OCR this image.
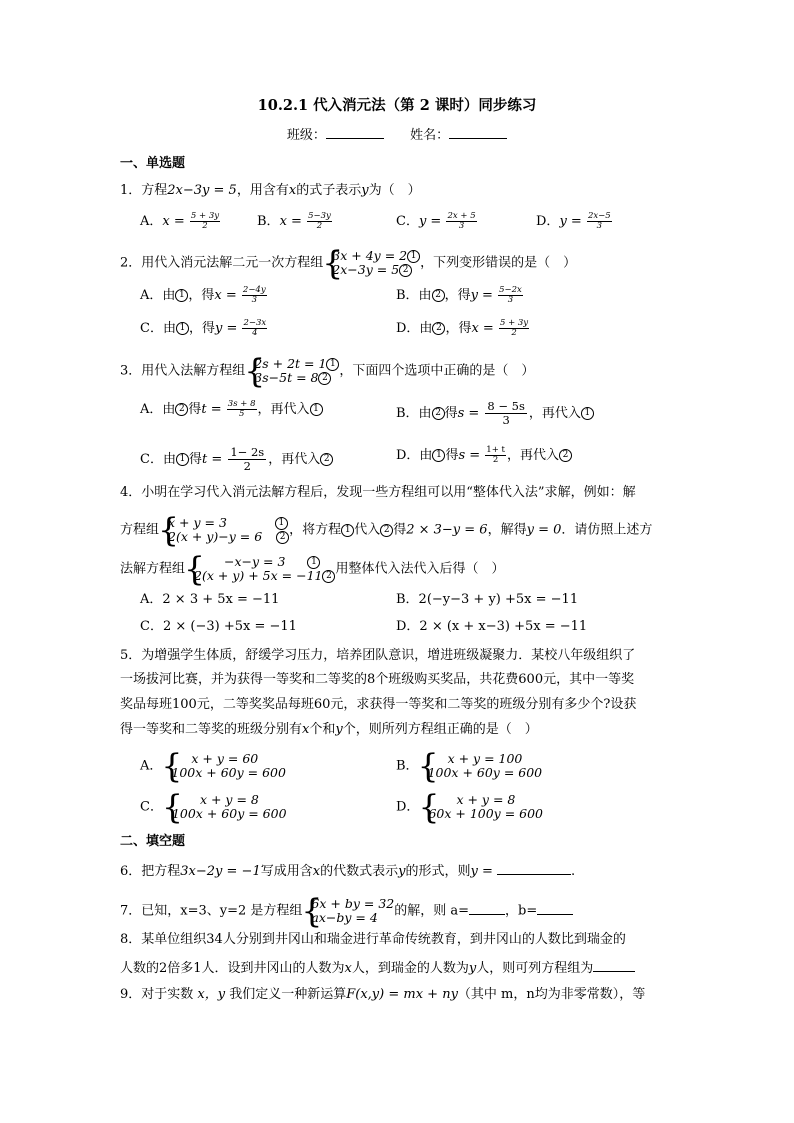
10.2.1 代入消元法（第 2 课时）同步练习
班级：	姓名：
一、单选题
1．方程2x−3y = 5，用含有x的式子表示y为（　）
A．$x = \frac{5 + 3y}{2}$	B．$x = \frac{5-3y}{2}$	C．$y = \frac{2x + 5}{3}$	D．$y = \frac{2x-5}{3}$
2．用代入消元法解二元一次方程组 { 3x + 4y = 2 1
2x−3y = 5 2 ，下列变形错误的是（　）
A．由 1 ，得$x = \frac{2-4y}{3}$	B．由 2 ，得$y = \frac{5-2x}{3}$
C．由 1 ，得$y = \frac{2-3x}{4}$	D．由 2 ，得$x = \frac{5 + 3y}{2}$
3．用代入法解方程组 { 2s + 2t = 1 1
3s−5t = 8 2 ，下面四个选项中正确的是（　）
A．由 2 得$t = \frac{3s + 8}{5}$ ，再代入 1	B．由 2 得$s = \frac{8 - 5s}{3}$ ，再代入 1
C．由 1 得$t = \frac{1- 2s}{2}$ ，再代入 2	D．由 1 得$s = \frac{1+ t}{2}$ ，再代入 2
4．小明在学习代入消元法解方程后，发现一些方程组可以用“整体代入法”求解，例如：解
方程组 { x + y = 3	1
2(x + y)−y = 6 2 ，将方程 1 代入 2 得2 × 3−y = 6，解得y = 0．请仿照上述方
法解方程组	{ −x−y = 3	1
2(x + y) + 5x = −11 2 用整体代入法代入后得（　）
A．2 × 3 + 5x = −11	B．2(−y−3 + y) +5x = −11
C．2 × (−3) +5x = −11	D．2 × (x + x−3) +5x = −11
5．为增强学生体质，舒缓学习压力，培养团队意识，增进班级凝聚力．某校八年级组织了
一场拔河比赛，并为获得一等奖和二等奖的8个班级购买奖品，共花费600元，其中一等奖
奖品每班100元，二等奖奖品每班60元，求获得一等奖和二等奖的班级分别有多少个?设获
得一等奖和二等奖的班级分别有x个和y个，则所列方程组正确的是（　）
A． { x + y = 60
100x + 60y = 600	B． { x + y = 100
100x + 60y = 600
C．	{ x + y = 8
100x + 60y = 600	D．	{ x + y = 8
60x + 100y = 600
二、填空题
6．把方程3x−2y = −1写成用含x的代数式表示y的形式，则y =	.
7．已知，x=3、y=2 是方程组 { 6x + by = 32
ax−by = 4 的解，则 a=	，b=
8．某单位组织34人分别到井冈山和瑞金进行革命传统教育，到井冈山的人数比到瑞金的
人数的2倍多1人．设到井冈山的人数为x人，到瑞金的人数为y人，则可列方程组为
9．对于实数 x，y 我们定义一种新运算F(x,y) = mx + ny（其中 m，n均为非零常数），等
